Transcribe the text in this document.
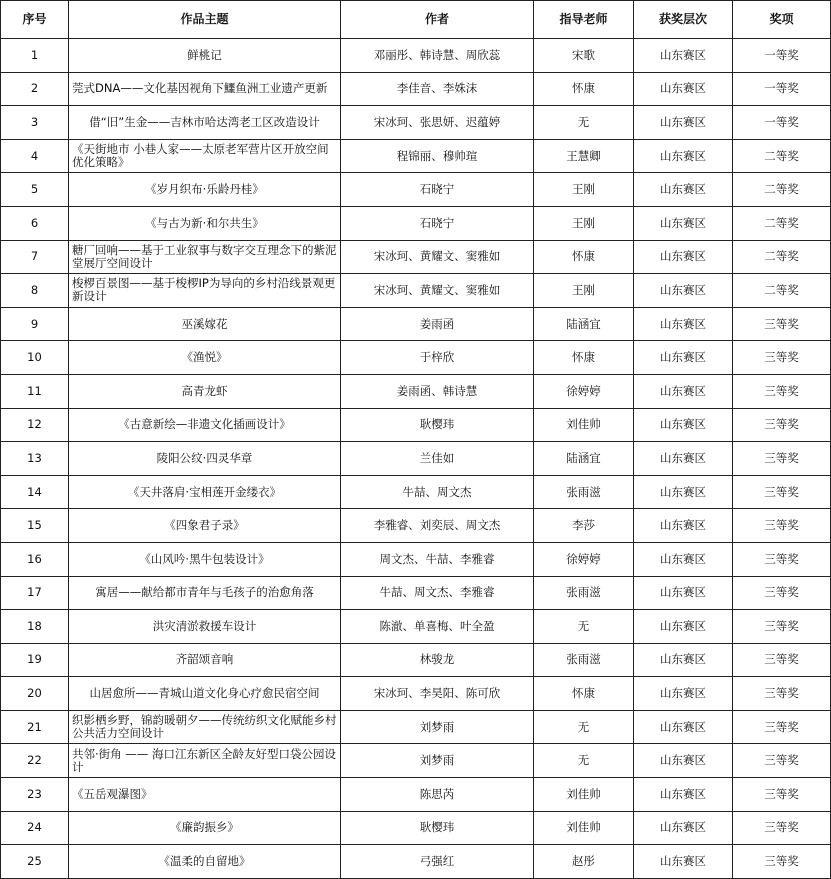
序号	作品主题	作者	指导老师	获奖层次	奖项
1	鲜桃记	邓丽彤、韩诗慧、周欣蕊	宋歌	山东赛区	一等奖
2	莞式DNA——文化基因视角下鱷鱼洲工业遗产更新	李佳音、李姝沫	怀康	山东赛区	一等奖
3	借“旧”生金——吉林市哈达湾老工区改造设计	宋冰珂、张思妍、迟蕴婷	无	山东赛区	一等奖
4	《天街地市 小巷人家——太原老军营片区开放空间优化策略》	程锦丽、穆帅瑄	王慧卿	山东赛区	二等奖
5	《岁月织布·乐龄丹桂》	石晓宁	王刚	山东赛区	二等奖
6	《与古为新·和尔共生》	石晓宁	王刚	山东赛区	二等奖
7	糖厂回响——基于工业叙事与数字交互理念下的紫泥堂展厅空间设计	宋冰珂、黄耀文、窦雅如	怀康	山东赛区	二等奖
8	梭椤百景图——基于梭椤IP为导向的乡村沿线景观更新设计	宋冰珂、黄耀文、窦雅如	王刚	山东赛区	二等奖
9	巫溪嫁花	姜雨函	陆涵宜	山东赛区	三等奖
10	《渔悦》	于梓欣	怀康	山东赛区	三等奖
11	高青龙虾	姜雨函、韩诗慧	徐婷婷	山东赛区	三等奖
12	《古意新绘—非遗文化插画设计》	耿樱玮	刘佳帅	山东赛区	三等奖
13	陵阳公纹·四灵华章	兰佳如	陆涵宜	山东赛区	三等奖
14	《天井落肩·宝相莲开金缕衣》	牛喆、周文杰	张雨滋	山东赛区	三等奖
15	《四象君子录》	李雅睿、刘奕辰、周文杰	李莎	山东赛区	三等奖
16	《山风吟·黑牛包装设计》	周文杰、牛喆、李雅睿	徐婷婷	山东赛区	三等奖
17	寓居——献给都市青年与毛孩子的治愈角落	牛喆、周文杰、李雅睿	张雨滋	山东赛区	三等奖
18	洪灾清淤救援车设计	陈澈、单喜梅、叶全盈	无	山东赛区	三等奖
19	齐韶颂音响	林骏龙	张雨滋	山东赛区	三等奖
20	山居愈所——青城山道文化身心疗愈民宿空间	宋冰珂、李昊阳、陈可欣	怀康	山东赛区	三等奖
21	织影栖乡野，锦韵暖朝夕——传统纺织文化赋能乡村公共活力空间设计	刘梦雨	无	山东赛区	三等奖
22	共邻·街角 —— 海口江东新区全龄友好型口袋公园设计	刘梦雨	无	山东赛区	三等奖
23	《五岳观瀑图》	陈思芮	刘佳帅	山东赛区	三等奖
24	《廉韵振乡》	耿樱玮	刘佳帅	山东赛区	三等奖
25	《温柔的自留地》	弓强红	赵彤	山东赛区	三等奖
